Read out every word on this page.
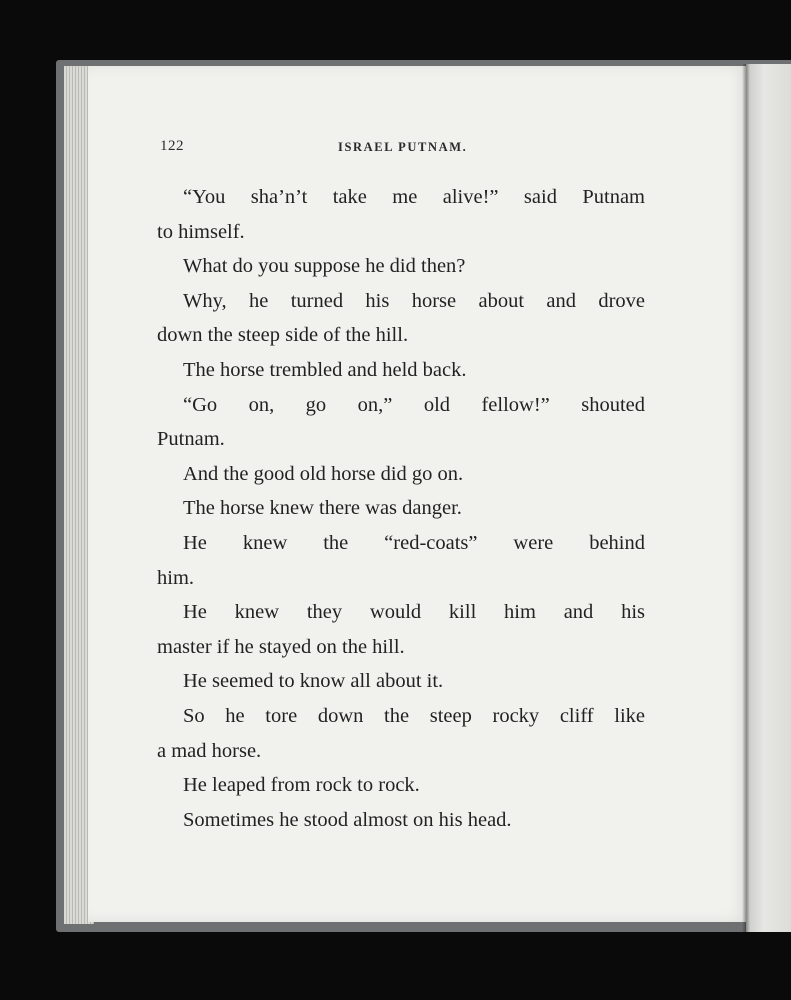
122	ISRAEL PUTNAM.
“You sha’n’t take me alive!” said Putnam
to himself.
What do you suppose he did then?
Why, he turned his horse about and drove
down the steep side of the hill.
The horse trembled and held back.
“Go on, go on,” old fellow!” shouted
Putnam.
And the good old horse did go on.
The horse knew there was danger.
He knew the “red-coats” were behind
him.
He knew they would kill him and his
master if he stayed on the hill.
He seemed to know all about it.
So he tore down the steep rocky cliff like
a mad horse.
He leaped from rock to rock.
Sometimes he stood almost on his head.
